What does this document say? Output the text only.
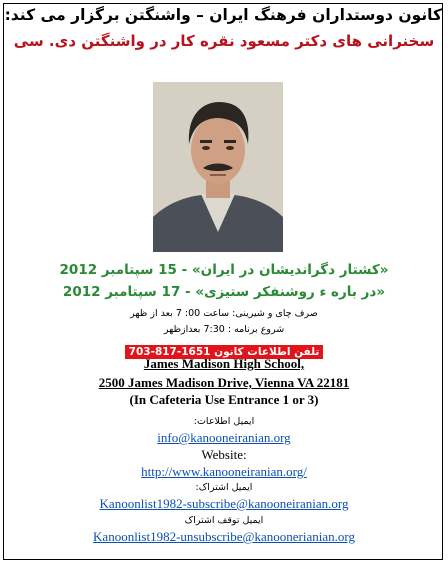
کانون دوستداران فرهنگ ایران – واشنگتن برگزار می کند:
سخنرانی های دکتر مسعود نقره کار در واشنگتن دی. سی
«کشتار دگراندیشان در ایران» - 15 سپتامبر 2012
«در باره ء روشنفکر ستیزی» - 17 سپتامبر 2012
صرف چای و شیرینی: ساعت 00: 7 بعد از ظهر
شروع برنامه : 7:30 بعدازظهر
703-817-1651 تلفن اطلاعات کانون
James Madison High School,
2500 James Madison Drive, Vienna VA 22181
(In Cafeteria Use Entrance 1 or 3)
ایمیل اطلاعات:
info@kanooneiranian.org
Website:
http://www.kanooneiranian.org/
ایمیل اشتراک:
Kanoonlist1982-subscribe@kanooneiranian.org
ایمیل توقف اشتراک
Kanoonlist1982-unsubscribe@kanoonerianian.org
